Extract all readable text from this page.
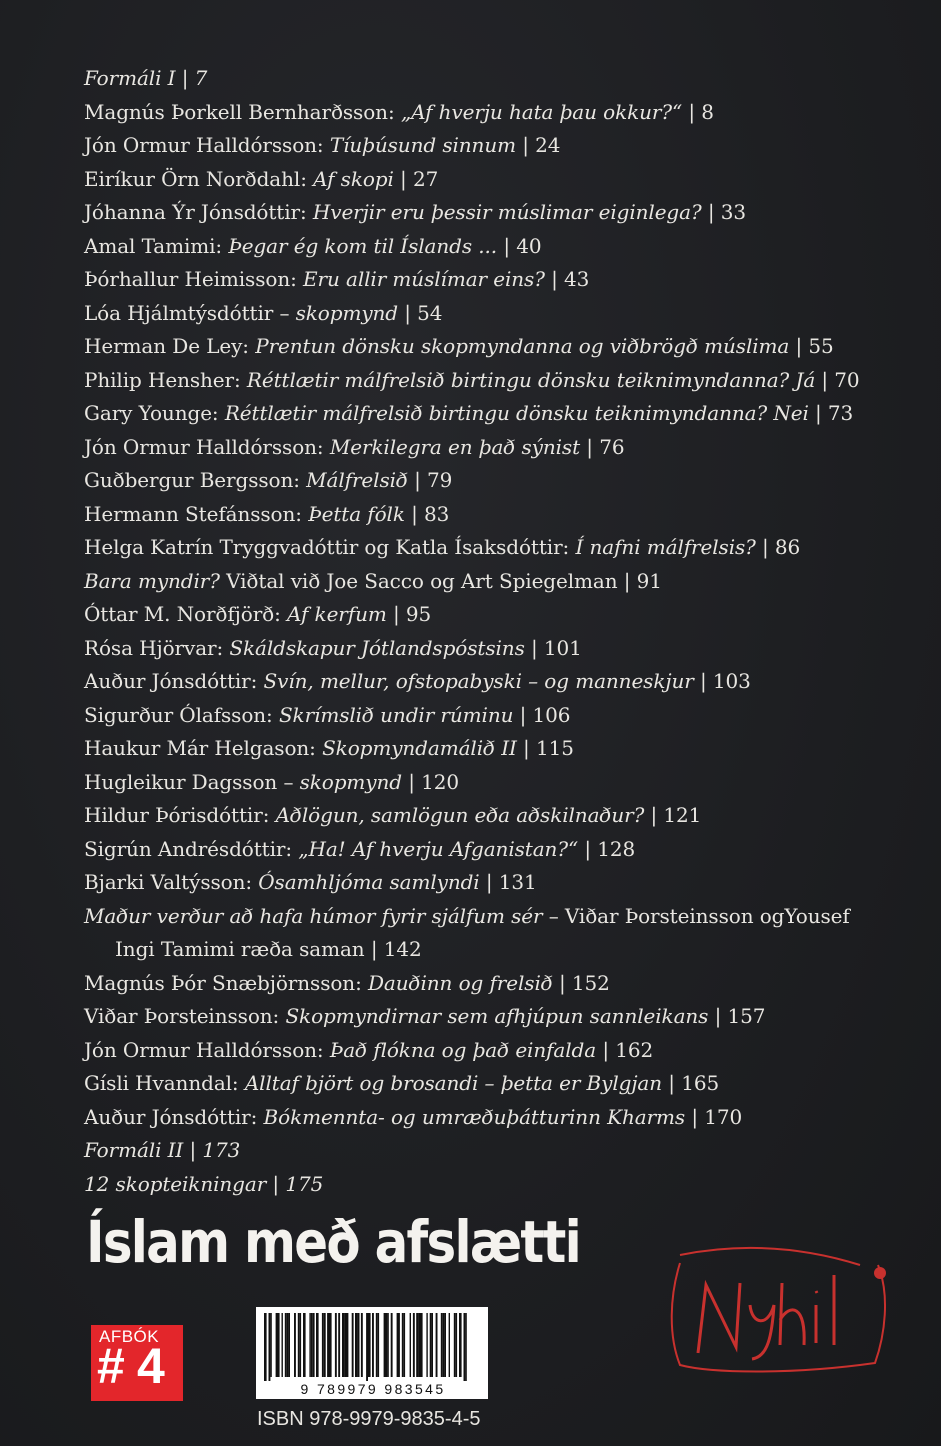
Formáli I | 7
Magnús Þorkell Bernharðsson: „Af hverju hata þau okkur?“ | 8
Jón Ormur Halldórsson: Tíuþúsund sinnum | 24
Eiríkur Örn Norðdahl: Af skopi | 27
Jóhanna Ýr Jónsdóttir: Hverjir eru þessir múslimar eiginlega? | 33
Amal Tamimi: Þegar ég kom til Íslands ... | 40
Þórhallur Heimisson: Eru allir múslímar eins? | 43
Lóa Hjálmtýsdóttir – skopmynd | 54
Herman De Ley: Prentun dönsku skopmyndanna og viðbrögð múslima | 55
Philip Hensher: Réttlætir málfrelsið birtingu dönsku teiknimyndanna? Já | 70
Gary Younge: Réttlætir málfrelsið birtingu dönsku teiknimyndanna? Nei | 73
Jón Ormur Halldórsson: Merkilegra en það sýnist | 76
Guðbergur Bergsson: Málfrelsið | 79
Hermann Stefánsson: Þetta fólk | 83
Helga Katrín Tryggvadóttir og Katla Ísaksdóttir: Í nafni málfrelsis? | 86
Bara myndir? Viðtal við Joe Sacco og Art Spiegelman | 91
Óttar M. Norðfjörð: Af kerfum | 95
Rósa Hjörvar: Skáldskapur Jótlandspóstsins | 101
Auður Jónsdóttir: Svín, mellur, ofstopabyski – og manneskjur | 103
Sigurður Ólafsson: Skrímslið undir rúminu | 106
Haukur Már Helgason: Skopmyndamálið II | 115
Hugleikur Dagsson – skopmynd | 120
Hildur Þórisdóttir: Aðlögun, samlögun eða aðskilnaður? | 121
Sigrún Andrésdóttir: „Ha! Af hverju Afganistan?“ | 128
Bjarki Valtýsson: Ósamhljóma samlyndi | 131
Maður verður að hafa húmor fyrir sjálfum sér – Viðar Þorsteinsson ogYousef
Ingi Tamimi ræða saman | 142
Magnús Þór Snæbjörnsson: Dauðinn og frelsið | 152
Viðar Þorsteinsson: Skopmyndirnar sem afhjúpun sannleikans | 157
Jón Ormur Halldórsson: Það flókna og það einfalda | 162
Gísli Hvanndal: Alltaf björt og brosandi – þetta er Bylgjan | 165
Auður Jónsdóttir: Bókmennta- og umræðuþátturinn Kharms | 170
Formáli II | 173
12 skopteikningar | 175
Íslam með afslætti
AFBÓK
# 4	9 789979 983545
ISBN 978-9979-9835-4-5
